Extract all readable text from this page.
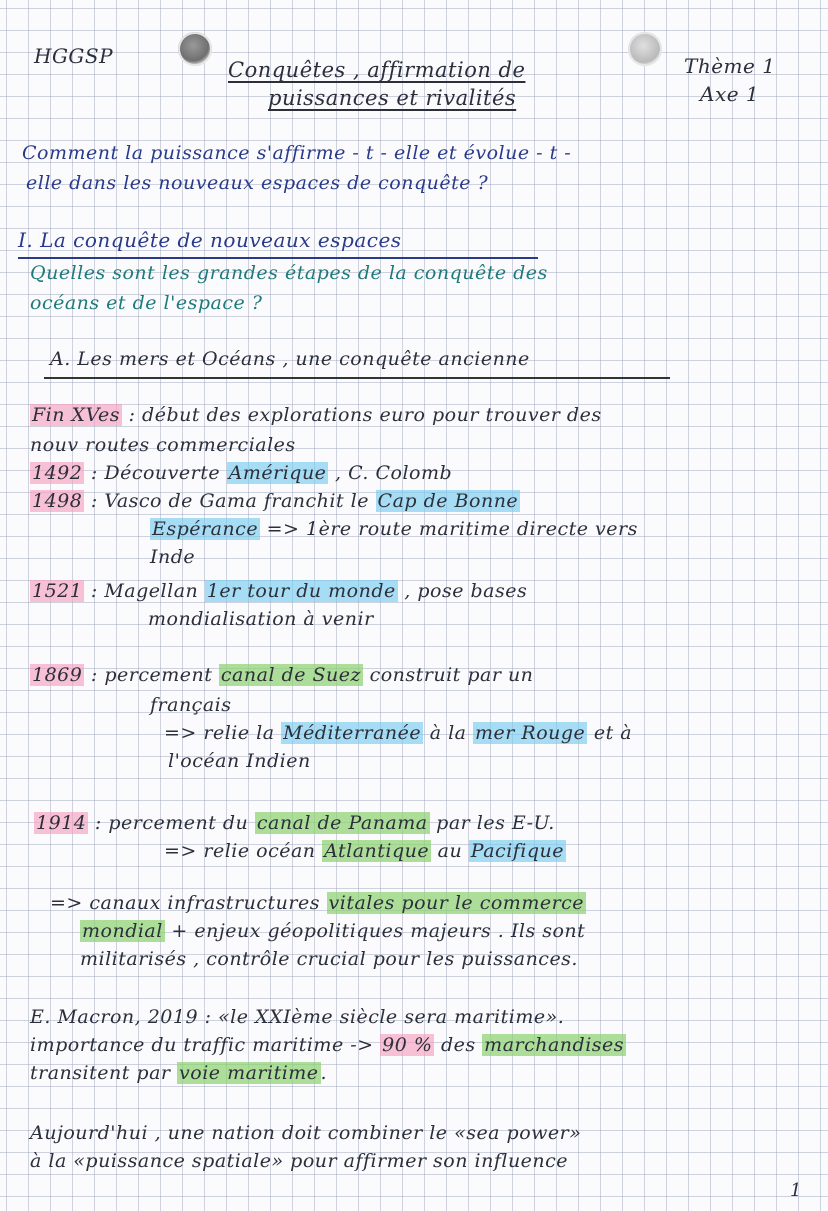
HGGSP
Conquêtes , affirmation de
puissances et rivalités
Thème 1
Axe 1
Comment la puissance s'affirme - t - elle et évolue - t -
elle dans les nouveaux espaces de conquête ?
I. La conquête de nouveaux espaces
Quelles sont les grandes étapes de la conquête des
océans et de l'espace ?
A. Les mers et Océans , une conquête ancienne
Fin XVes : début des explorations euro pour trouver des
nouv routes commerciales
1492 : Découverte Amérique , C. Colomb
1498 : Vasco de Gama franchit le Cap de Bonne
Espérance => 1ère route maritime directe vers
Inde
1521 : Magellan 1er tour du monde , pose bases
mondialisation à venir
1869 : percement canal de Suez construit par un
français
=> relie la Méditerranée à la mer Rouge et à
l'océan Indien
1914 : percement du canal de Panama par les E-U.
=> relie océan Atlantique au Pacifique
=> canaux infrastructures vitales pour le commerce
mondial + enjeux géopolitiques majeurs . Ils sont
militarisés , contrôle crucial pour les puissances.
E. Macron, 2019 : «le XXIème siècle sera maritime».
importance du traffic maritime -> 90 % des marchandises
transitent par voie maritime .
Aujourd'hui , une nation doit combiner le «sea power»
à la «puissance spatiale» pour affirmer son influence
1
